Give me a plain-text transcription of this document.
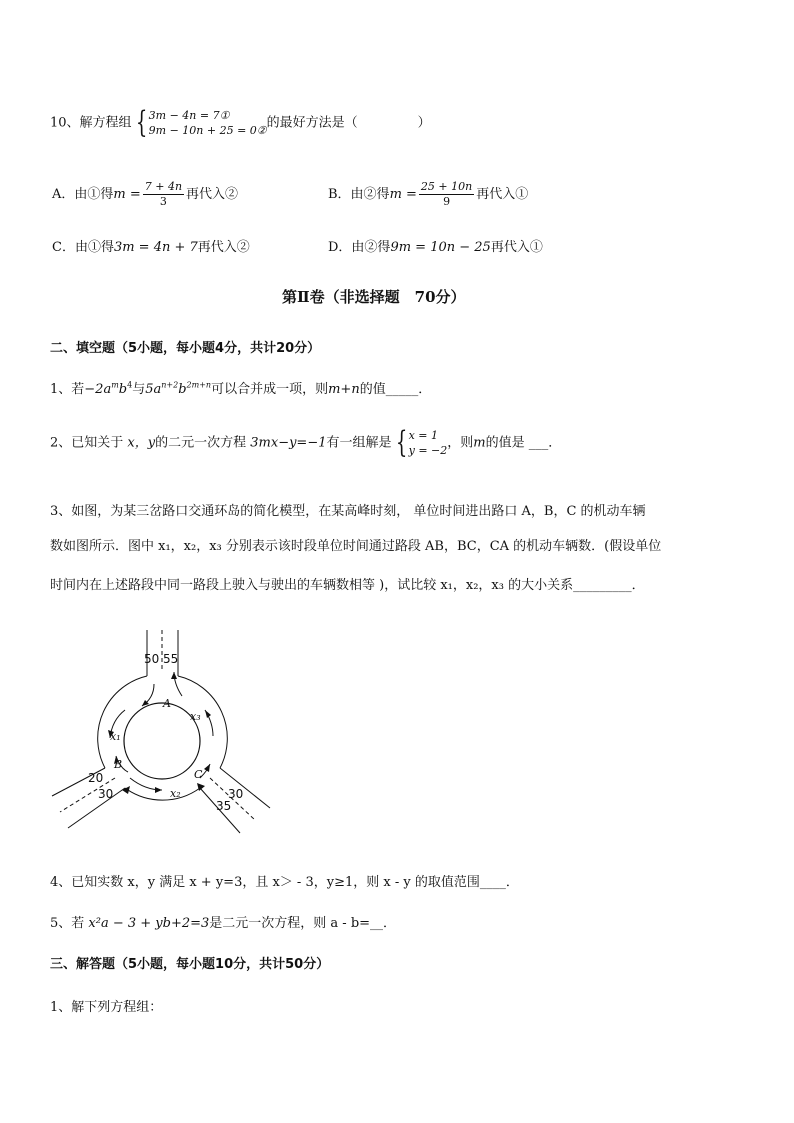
10、解方程组 { 3m − 4n = 7①
9m − 10n + 25 = 0② 的最好方法是（	）
A．由①得$m = \frac{7 + 4n}{3}$ 再代入②	B．由②得$m = \frac{25 + 10n}{9}$ 再代入①
C．由①得3m = 4n + 7再代入②	D．由②得9m = 10n − 25再代入①
第Ⅱ卷（非选择题　70分）
二、填空题（5小题，每小题4分，共计20分）
1、若$-2a^mb^4$与$5a^{n+2}b^{2m+n}$可以合并成一项，则m+n的值_____．
2、已知关于 x，y的二元一次方程 3mx−y=−1有一组解是 { x = 1
y = −2 ，则m的值是 ___．
3、如图，为某三岔路口交通环岛的简化模型，在某高峰时刻， 单位时间进出路口 A，B，C 的机动车辆
数如图所示．图中 x₁，x₂，x₃ 分别表示该时段单位时间通过路段 AB，BC，CA 的机动车辆数．(假设单位
时间内在上述路段中同一路段上驶入与驶出的车辆数相等 )，试比较 x₁，x₂，x₃ 的大小关系_________．
50 55
A
x₃
x₁
B
C
x₂
20
30	30
35
4、已知实数 x，y 满足 x + y=3，且 x＞ - 3，y≥1，则 x - y 的取值范围____．
5、若 x²a − 3 + yb+2=3是二元一次方程，则 a - b=__．
三、解答题（5小题，每小题10分，共计50分）
1、解下列方程组：
